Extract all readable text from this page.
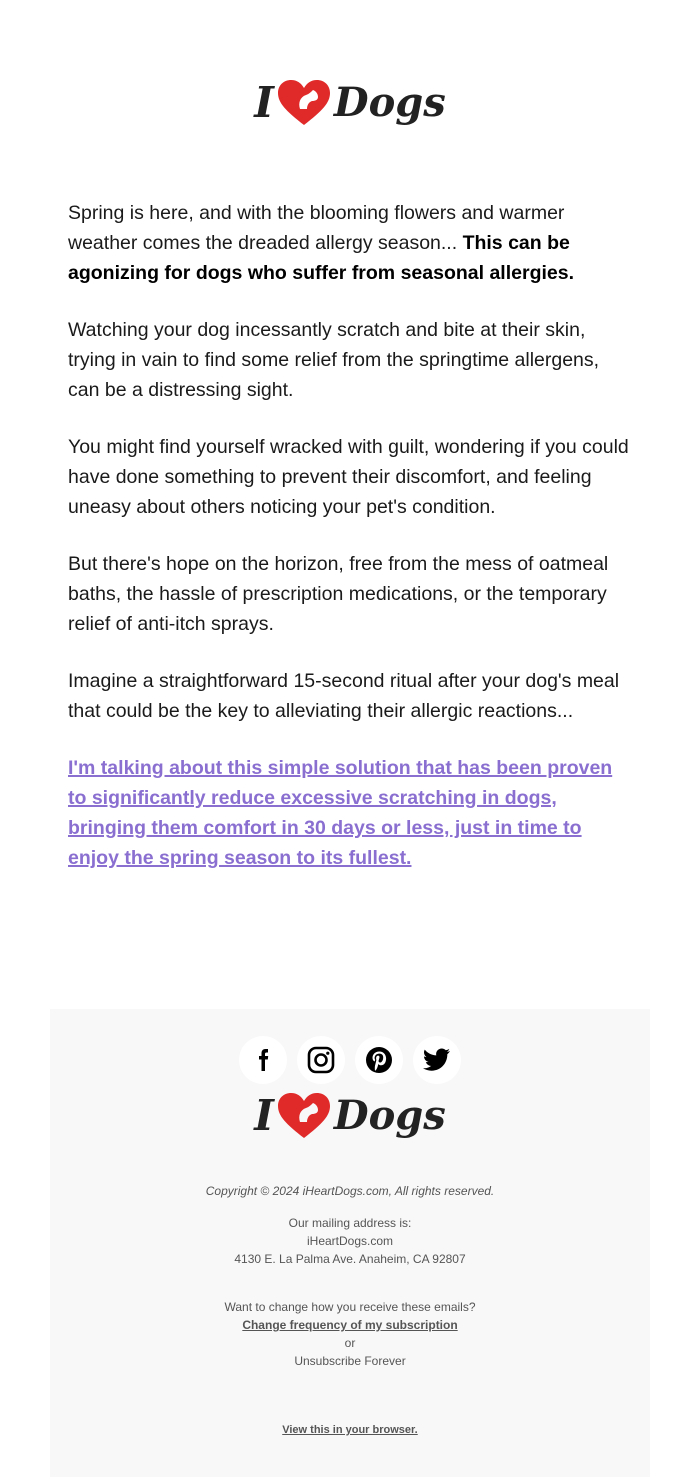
I Dogs

Spring is here, and with the blooming flowers and warmer weather comes the dreaded allergy season... This can be agonizing for dogs who suffer from seasonal allergies.

Watching your dog incessantly scratch and bite at their skin, trying in vain to find some relief from the springtime allergens, can be a distressing sight.

You might find yourself wracked with guilt, wondering if you could have done something to prevent their discomfort, and feeling uneasy about others noticing your pet's condition.

But there's hope on the horizon, free from the mess of oatmeal baths, the hassle of prescription medications, or the temporary relief of anti-itch sprays.

Imagine a straightforward 15-second ritual after your dog's meal that could be the key to alleviating their allergic reactions...

I'm talking about this simple solution that has been proven to significantly reduce excessive scratching in dogs, bringing them comfort in 30 days or less, just in time to enjoy the spring season to its fullest.
I Dogs
Copyright © 2024 iHeartDogs.com, All rights reserved.
Our mailing address is:
iHeartDogs.com
4130 E. La Palma Ave. Anaheim, CA 92807
Want to change how you receive these emails?
Change frequency of my subscription
or
Unsubscribe Forever
View this in your browser.
